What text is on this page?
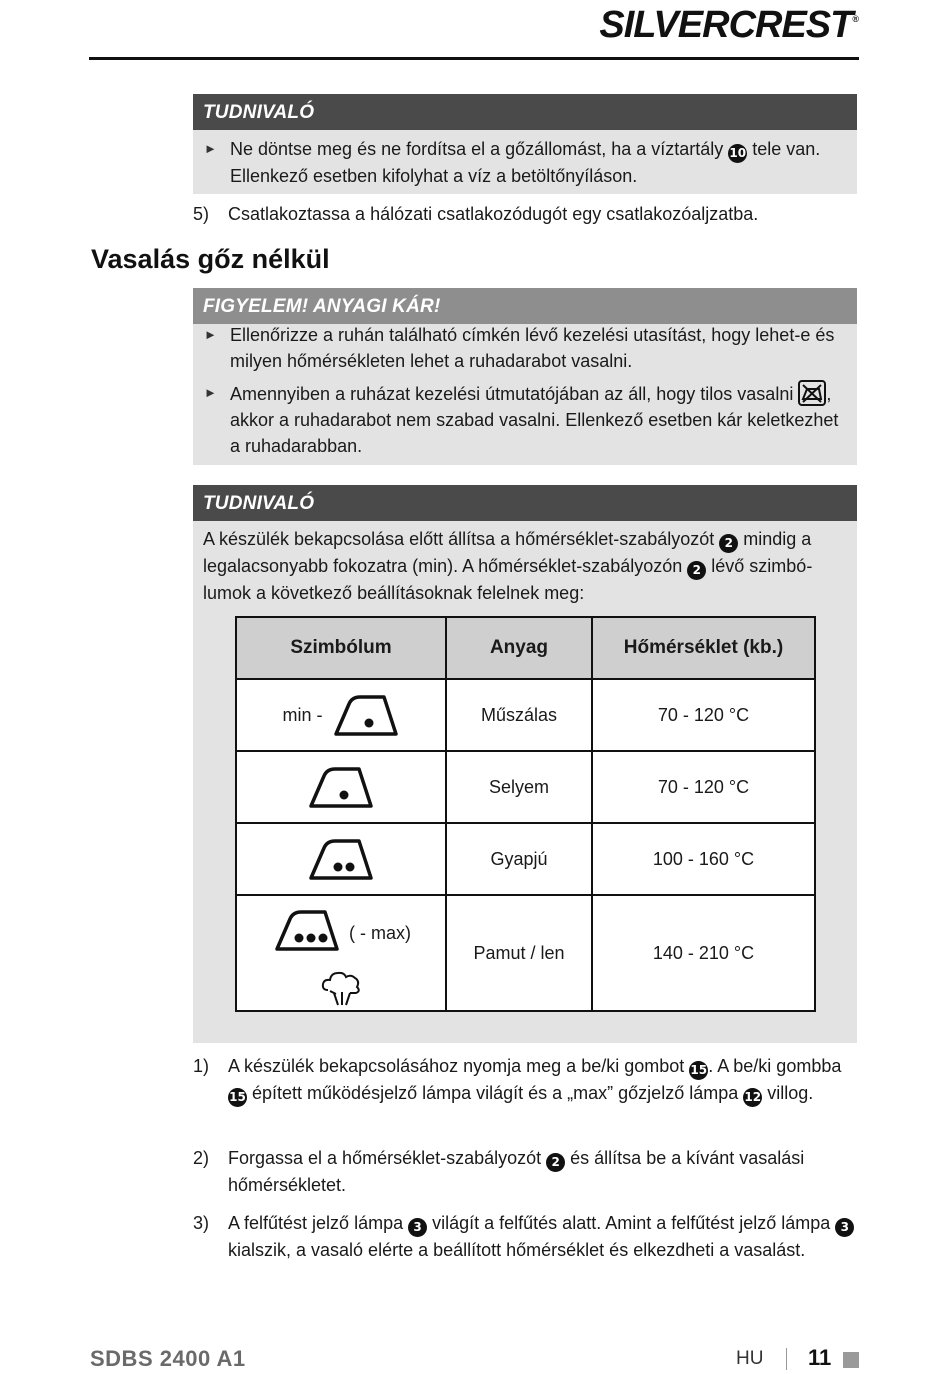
SILVERCREST®
TUDNIVALÓ
► Ne döntse meg és ne fordítsa el a gőzállomást, ha a víztartály 10 tele van. Ellenkező esetben kifolyhat a víz a betöltőnyíláson.
5) Csatlakoztassa a hálózati csatlakozódugót egy csatlakozóaljzatba.
Vasalás gőz nélkül
FIGYELEM! ANYAGI KÁR!
► Ellenőrizze a ruhán található címkén lévő kezelési utasítást, hogy lehet-e és milyen hőmérsékleten lehet a ruhadarabot vasalni.
► Amennyiben a ruházat kezelési útmutatójában az áll, hogy tilos vasalni , akkor a ruhadarabot nem szabad vasalni. Ellenkező esetben kár keletkezhet a ruhadarabban.
TUDNIVALÓ
A készülék bekapcsolása előtt állítsa a hőmérséklet-szabályozót 2 mindig a legalacsonyabb fokozatra (min). A hőmérséklet-szabályozón 2 lévő szimbólumok a következő beállításoknak felelnek meg:
Szimbólum	Anyag	Hőmérséklet (kb.)
min -	Műszálas	70 - 120 °C
	Selyem	70 - 120 °C
	Gyapjú	100 - 160 °C

( - max)	Pamut / len	140 - 210 °C
1) A készülék bekapcsolásához nyomja meg a be/ki gombot 15. A be/ki gombba 15 épített működésjelző lámpa világít és a „max” gőzjelző lámpa 12 villog.
2) Forgassa el a hőmérséklet-szabályozót 2 és állítsa be a kívánt vasalási hőmérsékletet.
3) A felfűtést jelző lámpa 3 világít a felfűtés alatt. Amint a felfűtést jelző lámpa 3 kialszik, a vasaló elérte a beállított hőmérséklet és elkezdheti a vasalást.
SDBS 2400 A1	HU 11
